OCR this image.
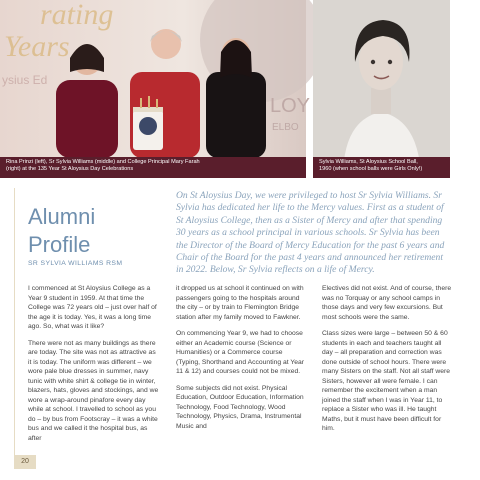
rating
Years
ysius Ed
LOY
ELBO
Rina Prinzi (left), Sr Sylvia Williams (middle) and College Principal Mary Farah
(right) at the 135 Year St Aloysius Day Celebrations
Sylvia Williams, St Aloysius School Ball,
1960 (when school balls were Girls Only!)
Alumni
Profile
SR SYLVIA WILLIAMS RSM
On St Aloysius Day, we were privileged to host Sr Sylvia Williams. Sr Sylvia has dedicated her life to the Mercy values. First as a student of St Aloysius College, then as a Sister of Mercy and after that spending 30 years as a school principal in various schools. Sr Sylvia has been the Director of the Board of Mercy Education for the past 6 years and Chair of the Board for the past 4 years and announced her retirement in 2022. Below, Sr Sylvia reflects on a life of Mercy.

I commenced at St Aloysius College as a Year 9 student in 1959. At that time the College was 72 years old – just over half of the age it is today. Yes, it was a long time ago. So, what was it like?

There were not as many buildings as there are today. The site was not as attractive as it is today. The uniform was different – we wore pale blue dresses in summer, navy tunic with white shirt & college tie in winter, blazers, hats, gloves and stockings, and we wore a wrap-around pinafore every day while at school. I travelled to school as you do – by bus from Footscray – it was a white bus and we called it the hospital bus, as after

it dropped us at school it continued on with passengers going to the hospitals around the city – or by train to Flemington Bridge station after my family moved to Fawkner.

On commencing Year 9, we had to choose either an Academic course (Science or Humanities) or a Commerce course (Typing, Shorthand and Accounting at Year 11 & 12) and courses could not be mixed.

Some subjects did not exist. Physical Education, Outdoor Education, Information Technology, Food Technology, Wood Technology, Physics, Drama, Instrumental Music and

Electives did not exist. And of course, there was no Torquay or any school camps in those days and very few excursions. But most schools were the same.

Class sizes were large – between 50 & 60 students in each and teachers taught all day – all preparation and correction was done outside of school hours. There were many Sisters on the staff. Not all staff were Sisters, however all were female. I can remember the excitement when a man joined the staff when I was in Year 11, to replace a Sister who was ill. He taught Maths, but it must have been difficult for him.

20
